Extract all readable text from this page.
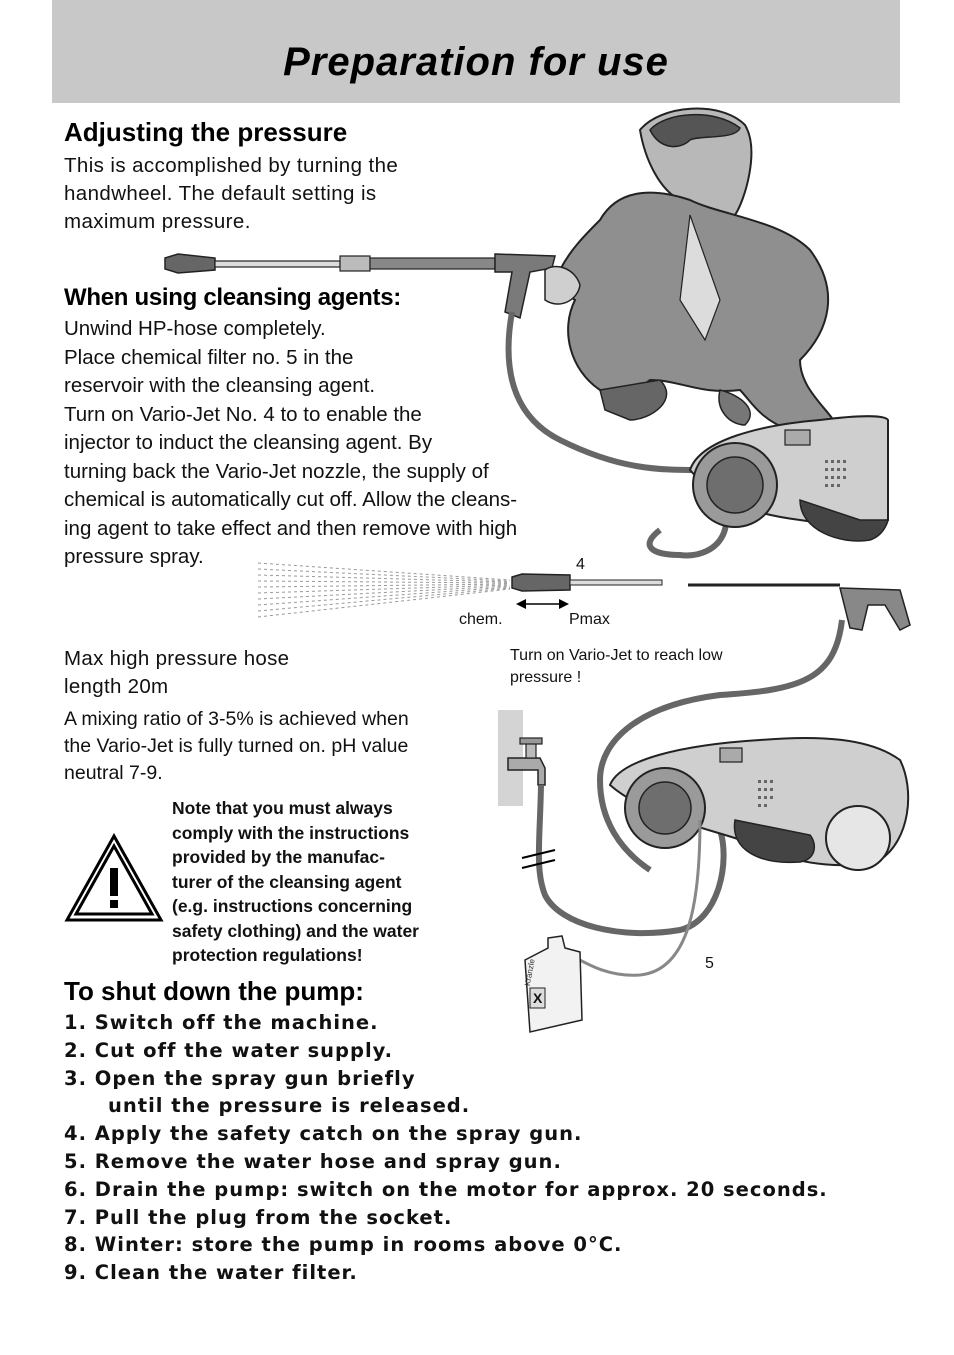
Preparation for use
Adjusting the pressure
This is accomplished by turning the
handwheel. The default setting is
maximum pressure.
When using cleansing agents:
Unwind HP-hose completely.
Place chemical filter no. 5 in the
reservoir with the cleansing agent.
Turn on Vario-Jet No. 4 to to enable the
injector to induct the cleansing agent. By
turning back the Vario-Jet nozzle, the supply of
chemical is automatically cut off. Allow the cleans-
ing agent to take effect and then remove with high
pressure spray.	4
chem.	Pmax
Turn on Vario-Jet to reach low
pressure !
Max high pressure hose
length 20m
A mixing ratio of 3-5% is achieved when
the Vario-Jet is fully turned on. pH value
neutral 7-9.
Kränzle
X
5
Note that you must always
comply with the instructions
provided by the manufac-
turer of the cleansing agent
(e.g. instructions concerning
safety clothing) and the water
protection regulations!
To shut down the pump:
1. Switch off the machine.
2. Cut off the water supply.
3. Open the spray gun briefly
until the pressure is released.
4. Apply the safety catch on the spray gun.
5. Remove the water hose and spray gun.
6. Drain the pump: switch on the motor for approx. 20 seconds.
7. Pull the plug from the socket.
8. Winter: store the pump in rooms above 0°C.
9. Clean the water filter.
